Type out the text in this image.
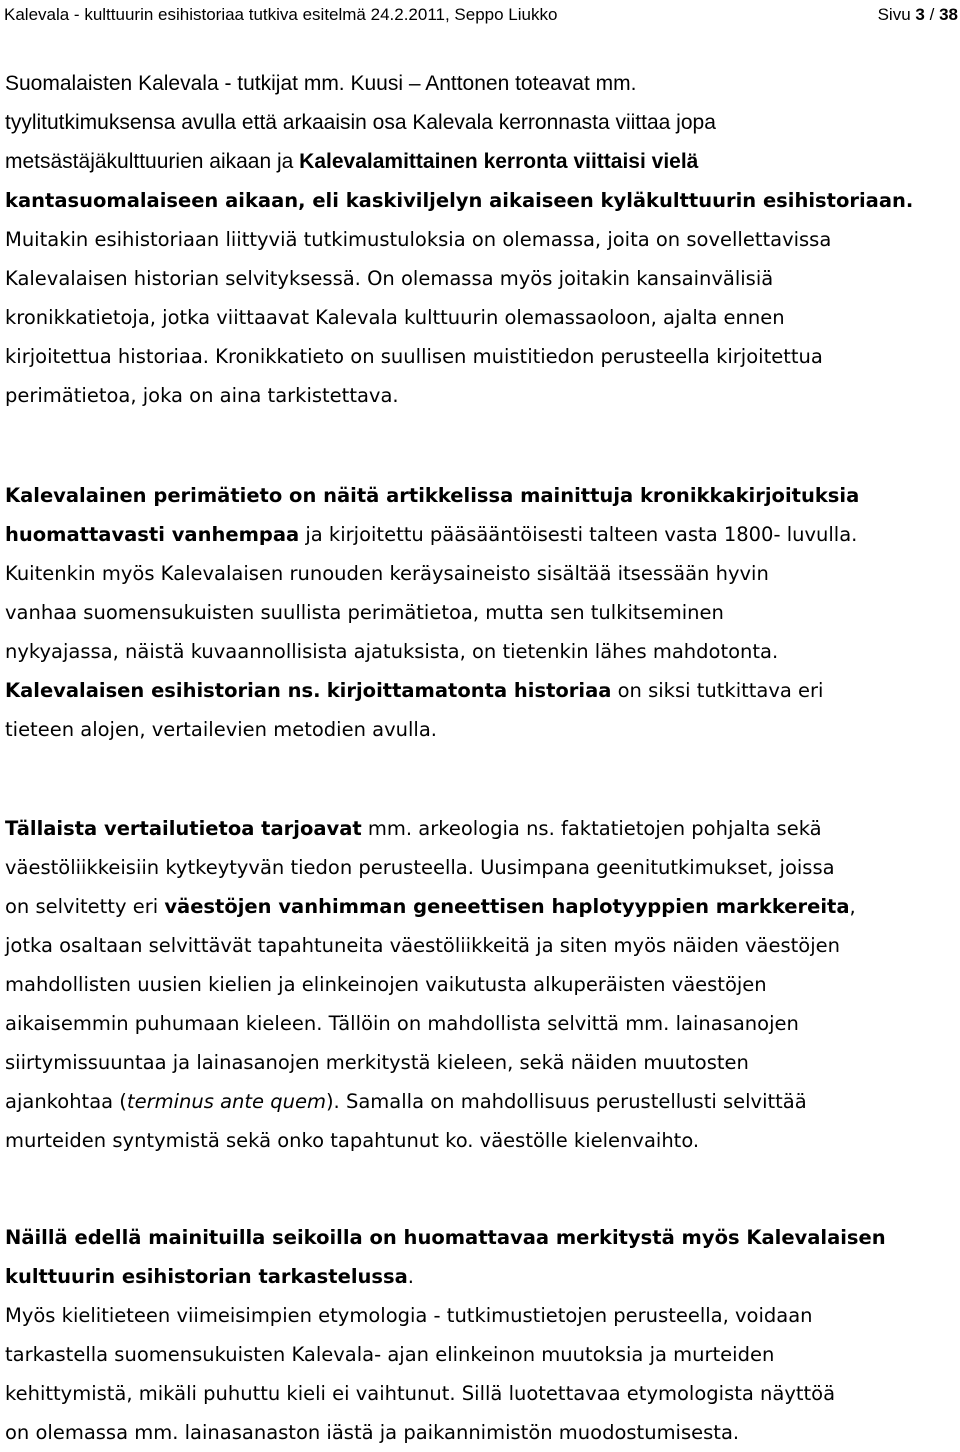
Kalevala - kulttuurin esihistoriaa tutkiva esitelmä 24.2.2011, Seppo Liukko	Sivu 3 / 38
Suomalaisten Kalevala - tutkijat mm. Kuusi – Anttonen toteavat mm.
tyylitutkimuksensa avulla että arkaaisin osa Kalevala kerronnasta viittaa jopa
metsästäjäkulttuurien aikaan ja Kalevalamittainen kerronta viittaisi vielä
kantasuomalaiseen aikaan, eli kaskiviljelyn aikaiseen kyläkulttuurin esihistoriaan.
Muitakin esihistoriaan liittyviä tutkimustuloksia on olemassa, joita on sovellettavissa
Kalevalaisen historian selvityksessä. On olemassa myös joitakin kansainvälisiä
kronikkatietoja, jotka viittaavat Kalevala kulttuurin olemassaoloon, ajalta ennen
kirjoitettua historiaa. Kronikkatieto on suullisen muistitiedon perusteella kirjoitettua
perimätietoa, joka on aina tarkistettava.
Kalevalainen perimätieto on näitä artikkelissa mainittuja kronikkakirjoituksia
huomattavasti vanhempaa ja kirjoitettu pääsääntöisesti talteen vasta 1800- luvulla.
Kuitenkin myös Kalevalaisen runouden keräysaineisto sisältää itsessään hyvin
vanhaa suomensukuisten suullista perimätietoa, mutta sen tulkitseminen
nykyajassa, näistä kuvaannollisista ajatuksista, on tietenkin lähes mahdotonta.
Kalevalaisen esihistorian ns. kirjoittamatonta historiaa on siksi tutkittava eri
tieteen alojen, vertailevien metodien avulla.
Tällaista vertailutietoa tarjoavat mm. arkeologia ns. faktatietojen pohjalta sekä
väestöliikkeisiin kytkeytyvän tiedon perusteella. Uusimpana geenitutkimukset, joissa
on selvitetty eri väestöjen vanhimman geneettisen haplotyyppien markkereita,
jotka osaltaan selvittävät tapahtuneita väestöliikkeitä ja siten myös näiden väestöjen
mahdollisten uusien kielien ja elinkeinojen vaikutusta alkuperäisten väestöjen
aikaisemmin puhumaan kieleen. Tällöin on mahdollista selvittä mm. lainasanojen
siirtymissuuntaa ja lainasanojen merkitystä kieleen, sekä näiden muutosten
ajankohtaa (terminus ante quem). Samalla on mahdollisuus perustellusti selvittää
murteiden syntymistä sekä onko tapahtunut ko. väestölle kielenvaihto.
Näillä edellä mainituilla seikoilla on huomattavaa merkitystä myös Kalevalaisen
kulttuurin esihistorian tarkastelussa.
Myös kielitieteen viimeisimpien etymologia - tutkimustietojen perusteella, voidaan
tarkastella suomensukuisten Kalevala- ajan elinkeinon muutoksia ja murteiden
kehittymistä, mikäli puhuttu kieli ei vaihtunut. Sillä luotettavaa etymologista näyttöä
on olemassa mm. lainasanaston iästä ja paikannimistön muodostumisesta.
